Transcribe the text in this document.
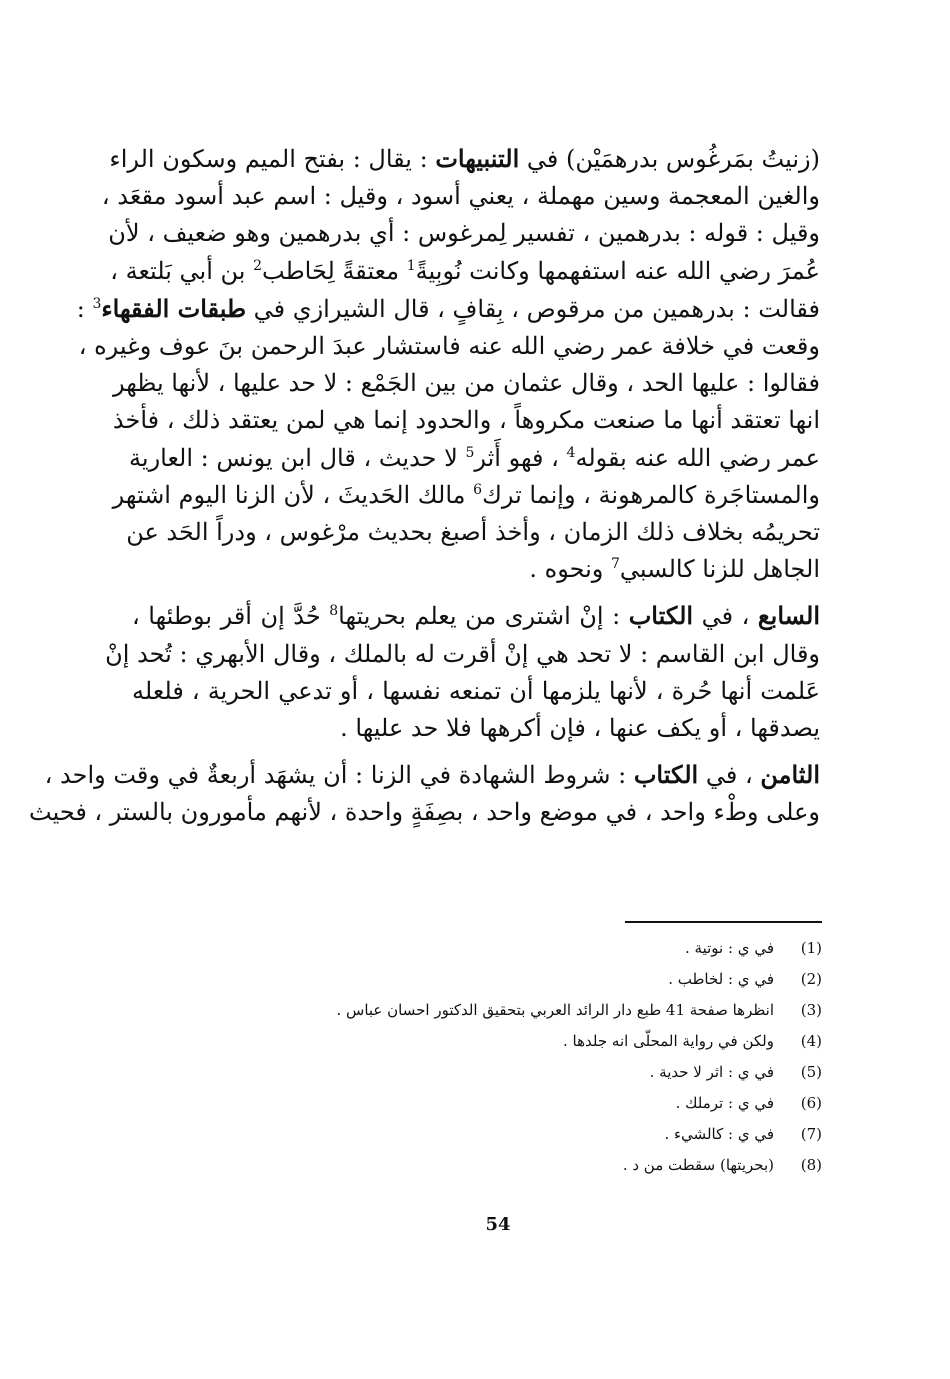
(زنيتُ بمَرغُوس بدرهمَيْن) في التنبيهات : يقال : بفتح الميم وسكون الراء
والغين المعجمة وسين مهملة ، يعني أسود ، وقيل : اسم عبد أسود مقعَد ،
وقيل : قوله : بدرهمين ، تفسير لِمرغوس : أي بدرهمين وهو ضعيف ، لأن
عُمرَ رضي الله عنه استفهمها وكانت نُوبِيةً$^1$ معتقةً لِحَاطب$^2$ بن أبي بَلتعة ،
فقالت : بدرهمين من مرقوص ، بِقافٍ ، قال الشيرازي في طبقات الفقهاء$^3$ :
وقعت في خلافة عمر رضي الله عنه فاستشار عبدَ الرحمن بنَ عوف وغيره ،
فقالوا : عليها الحد ، وقال عثمان من بين الجَمْع : لا حد عليها ، لأنها يظهر
انها تعتقد أنها ما صنعت مكروهاً ، والحدود إنما هي لمن يعتقد ذلك ، فأخذ
عمر رضي الله عنه بقوله$^4$ ، فهو أَثر$^5$ لا حديث ، قال ابن يونس : العارية
والمستاجَرة كالمرهونة ، وإنما ترك$^6$ مالك الحَديثَ ، لأن الزنا اليوم اشتهر
تحريمُه بخلاف ذلك الزمان ، وأخذ أصبغ بحديث مرْغوس ، ودراً الحَد عن
الجاهل للزنا كالسبي$^7$ ونحوه .

السابع ، في الكتاب : إنْ اشترى من يعلم بحريتها$^8$ حُدَّ إن أقر بوطئها ،
وقال ابن القاسم : لا تحد هي إنْ أقرت له بالملك ، وقال الأبهري : تُحد إنْ
عَلمت أنها حُرة ، لأنها يلزمها أن تمنعه نفسها ، أو تدعي الحرية ، فلعله
يصدقها ، أو يكف عنها ، فإن أكرهها فلا حد عليها .

الثامن ، في الكتاب : شروط الشهادة في الزنا : أن يشهَد أربعةٌ في وقت واحد ،
وعلى وطْء واحد ، في موضع واحد ، بصِفَةٍ واحدة ، لأنهم مأمورون بالستر ، فحيث

(1)
في ي : نوتية .
(2)
في ي : لخاطب .
(3)
انظرها صفحة 41 طبع دار الرائد العربي بتحقيق الدكتور احسان عباس .
(4)
ولكن في رواية المحلّى انه جلدها .
(5)
في ي : اثر لا حدية .
(6)
في ي : ترملك .
(7)
في ي : كالشيء .
(8)
(بحريتها) سقطت من د .
54
